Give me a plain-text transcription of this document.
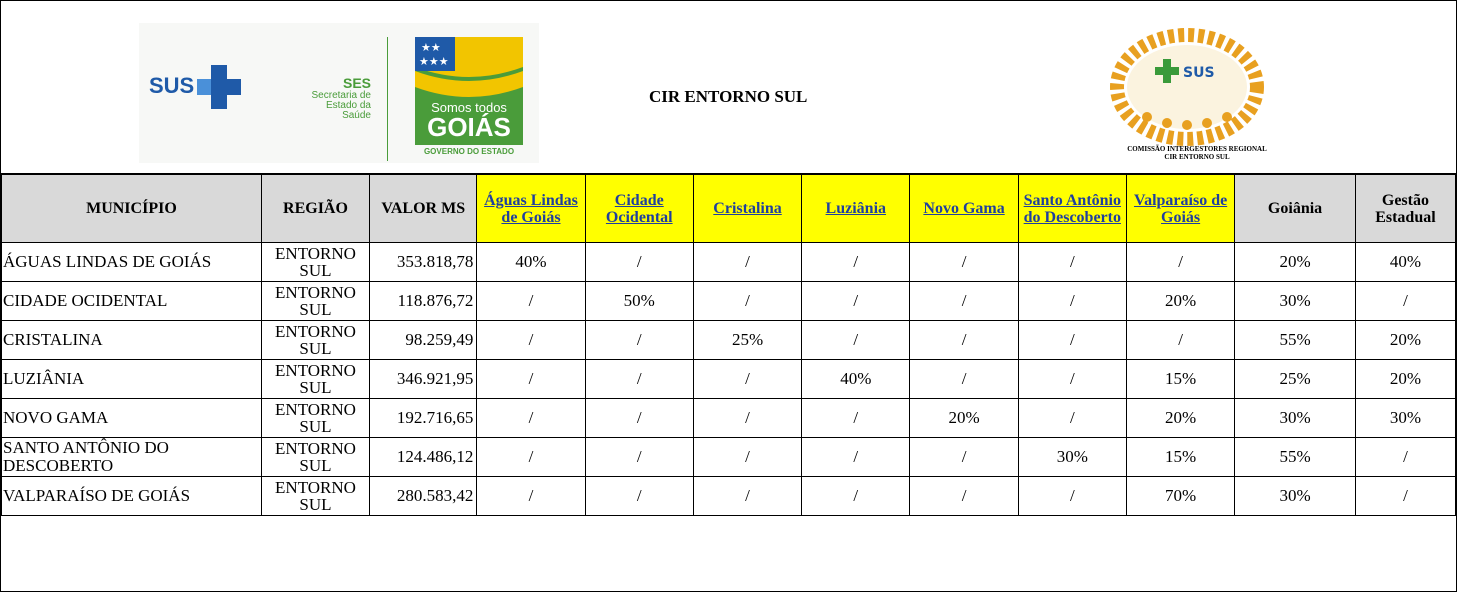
SUS	SES
Secretaria de
Estado da
Saúde
★★
★★★
Somos todos
GOIÁS
GOVERNO DO ESTADO
CIR ENTORNO SUL
SUS
COMISSÃO INTERGESTORES REGIONAL
CIR ENTORNO SUL
MUNICÍPIO	REGIÃO	VALOR MS	Águas Lindas de Goiás	Cidade Ocidental	Cristalina	Luziânia	Novo Gama	Santo Antônio do Descoberto	Valparaíso de Goiás	Goiânia	Gestão Estadual
ÁGUAS LINDAS DE GOIÁS	ENTORNO SUL	353.818,78	40%	/	/	/	/	/	/	20%	40%
CIDADE OCIDENTAL	ENTORNO SUL	118.876,72	/	50%	/	/	/	/	20%	30%	/
CRISTALINA	ENTORNO SUL	98.259,49	/	/	25%	/	/	/	/	55%	20%
LUZIÂNIA	ENTORNO SUL	346.921,95	/	/	/	40%	/	/	15%	25%	20%
NOVO GAMA	ENTORNO SUL	192.716,65	/	/	/	/	20%	/	20%	30%	30%
SANTO ANTÔNIO DO DESCOBERTO	ENTORNO SUL	124.486,12	/	/	/	/	/	30%	15%	55%	/
VALPARAÍSO DE GOIÁS	ENTORNO SUL	280.583,42	/	/	/	/	/	/	70%	30%	/
